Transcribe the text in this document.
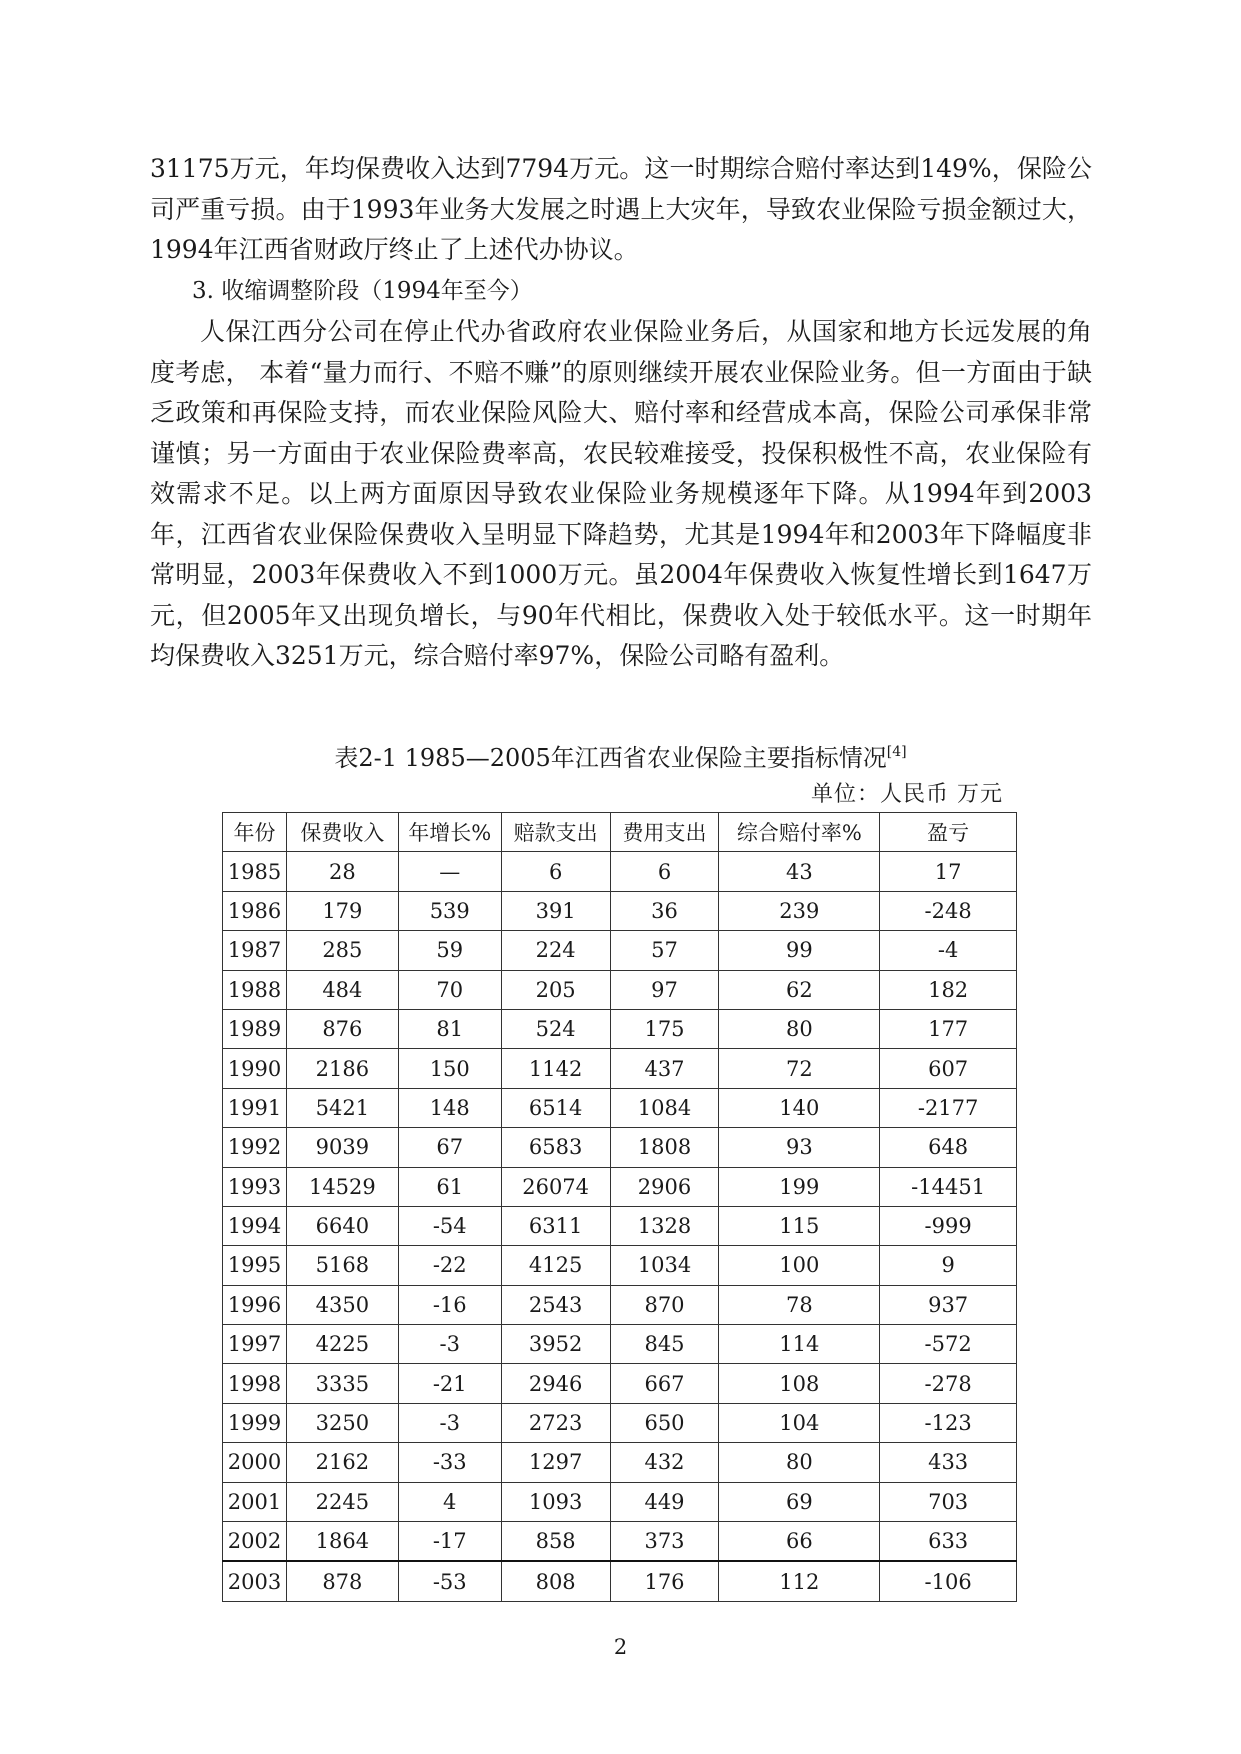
31175万元，年均保费收入达到7794万元。这一时期综合赔付率达到149%，保险公司严重亏损。由于1993年业务大发展之时遇上大灾年，导致农业保险亏损金额过大，1994年江西省财政厅终止了上述代办协议。

3. 收缩调整阶段（1994年至今）

人保江西分公司在停止代办省政府农业保险业务后，从国家和地方长远发展的角度考虑， 本着“量力而行、不赔不赚”的原则继续开展农业保险业务。但一方面由于缺乏政策和再保险支持，而农业保险风险大、赔付率和经营成本高，保险公司承保非常谨慎；另一方面由于农业保险费率高，农民较难接受，投保积极性不高，农业保险有效需求不足。以上两方面原因导致农业保险业务规模逐年下降。从1994年到2003年，江西省农业保险保费收入呈明显下降趋势，尤其是1994年和2003年下降幅度非常明显，2003年保费收入不到1000万元。虽2004年保费收入恢复性增长到1647万元，但2005年又出现负增长，与90年代相比，保费收入处于较低水平。这一时期年均保费收入3251万元，综合赔付率97%，保险公司略有盈利。

表2-1 1985—2005年江西省农业保险主要指标情况[4]
单位：人民币 万元
年份	保费收入	年增长%	赔款支出	费用支出	综合赔付率%	盈亏
1985	28	—	6	6	43	17
1986	179	539	391	36	239	-248
1987	285	59	224	57	99	-4
1988	484	70	205	97	62	182
1989	876	81	524	175	80	177
1990	2186	150	1142	437	72	607
1991	5421	148	6514	1084	140	-2177
1992	9039	67	6583	1808	93	648
1993	14529	61	26074	2906	199	-14451
1994	6640	-54	6311	1328	115	-999
1995	5168	-22	4125	1034	100	9
1996	4350	-16	2543	870	78	937
1997	4225	-3	3952	845	114	-572
1998	3335	-21	2946	667	108	-278
1999	3250	-3	2723	650	104	-123
2000	2162	-33	1297	432	80	433
2001	2245	4	1093	449	69	703
2002	1864	-17	858	373	66	633
2003	878	-53	808	176	112	-106
2
